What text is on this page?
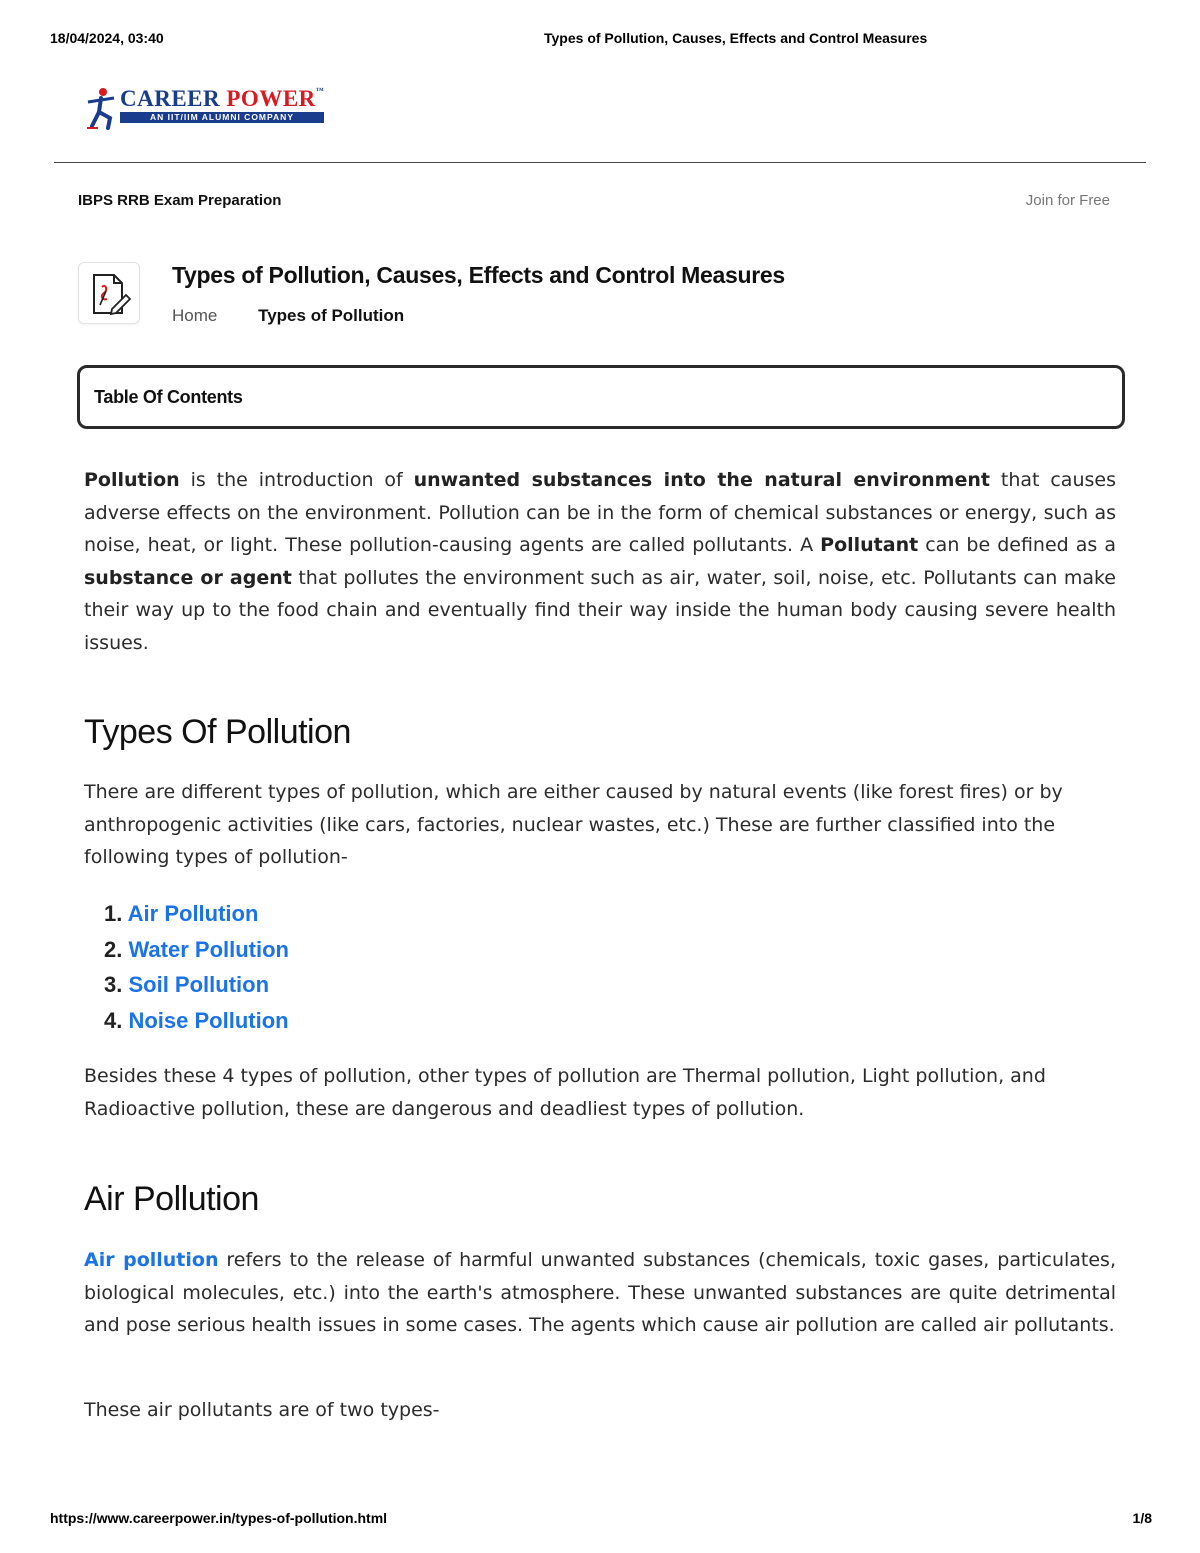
18/04/2024, 03:40	Types of Pollution, Causes, Effects and Control Measures
CAREER POWER™
AN IIT/IIM ALUMNI COMPANY
IBPS RRB Exam Preparation	Join for Free
Types of Pollution, Causes, Effects and Control Measures
Home Types of Pollution
Table Of Contents

Pollution is the introduction of unwanted substances into the natural environment that causes adverse effects on the environment. Pollution can be in the form of chemical substances or energy, such as noise, heat, or light. These pollution-causing agents are called pollutants. A Pollutant can be defined as a substance or agent that pollutes the environment such as air, water, soil, noise, etc. Pollutants can make their way up to the food chain and eventually find their way inside the human body causing severe health issues.

Types Of Pollution

There are different types of pollution, which are either caused by natural events (like forest fires) or by anthropogenic activities (like cars, factories, nuclear wastes, etc.) These are further classified into the following types of pollution-

1. Air Pollution
2. Water Pollution
3. Soil Pollution
4. Noise Pollution

Besides these 4 types of pollution, other types of pollution are Thermal pollution, Light pollution, and Radioactive pollution, these are dangerous and deadliest types of pollution.

Air Pollution

Air pollution refers to the release of harmful unwanted substances (chemicals, toxic gases, particulates, biological molecules, etc.) into the earth's atmosphere. These unwanted substances are quite detrimental and pose serious health issues in some cases. The agents which cause air pollution are called air pollutants.

These air pollutants are of two types-

https://www.careerpower.in/types-of-pollution.html	1/8
